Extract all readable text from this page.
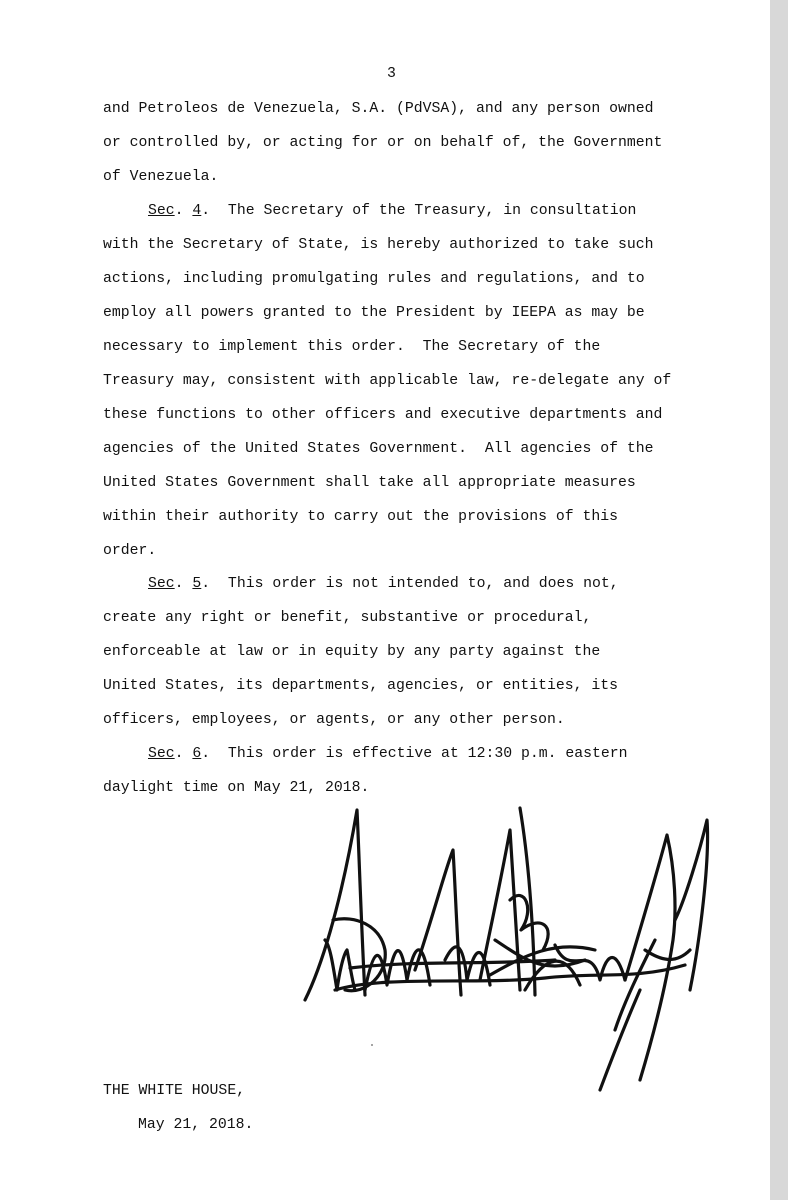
3
and Petroleos de Venezuela, S.A. (PdVSA), and any person owned
or controlled by, or acting for or on behalf of, the Government
of Venezuela.
Sec. 4.  The Secretary of the Treasury, in consultation
with the Secretary of State, is hereby authorized to take such
actions, including promulgating rules and regulations, and to
employ all powers granted to the President by IEEPA as may be
necessary to implement this order.  The Secretary of the
Treasury may, consistent with applicable law, re-delegate any of
these functions to other officers and executive departments and
agencies of the United States Government.  All agencies of the
United States Government shall take all appropriate measures
within their authority to carry out the provisions of this
order.
Sec. 5.  This order is not intended to, and does not,
create any right or benefit, substantive or procedural,
enforceable at law or in equity by any party against the
United States, its departments, agencies, or entities, its
officers, employees, or agents, or any other person.
Sec. 6.  This order is effective at 12:30 p.m. eastern
daylight time on May 21, 2018.
THE WHITE HOUSE,
May 21, 2018.
